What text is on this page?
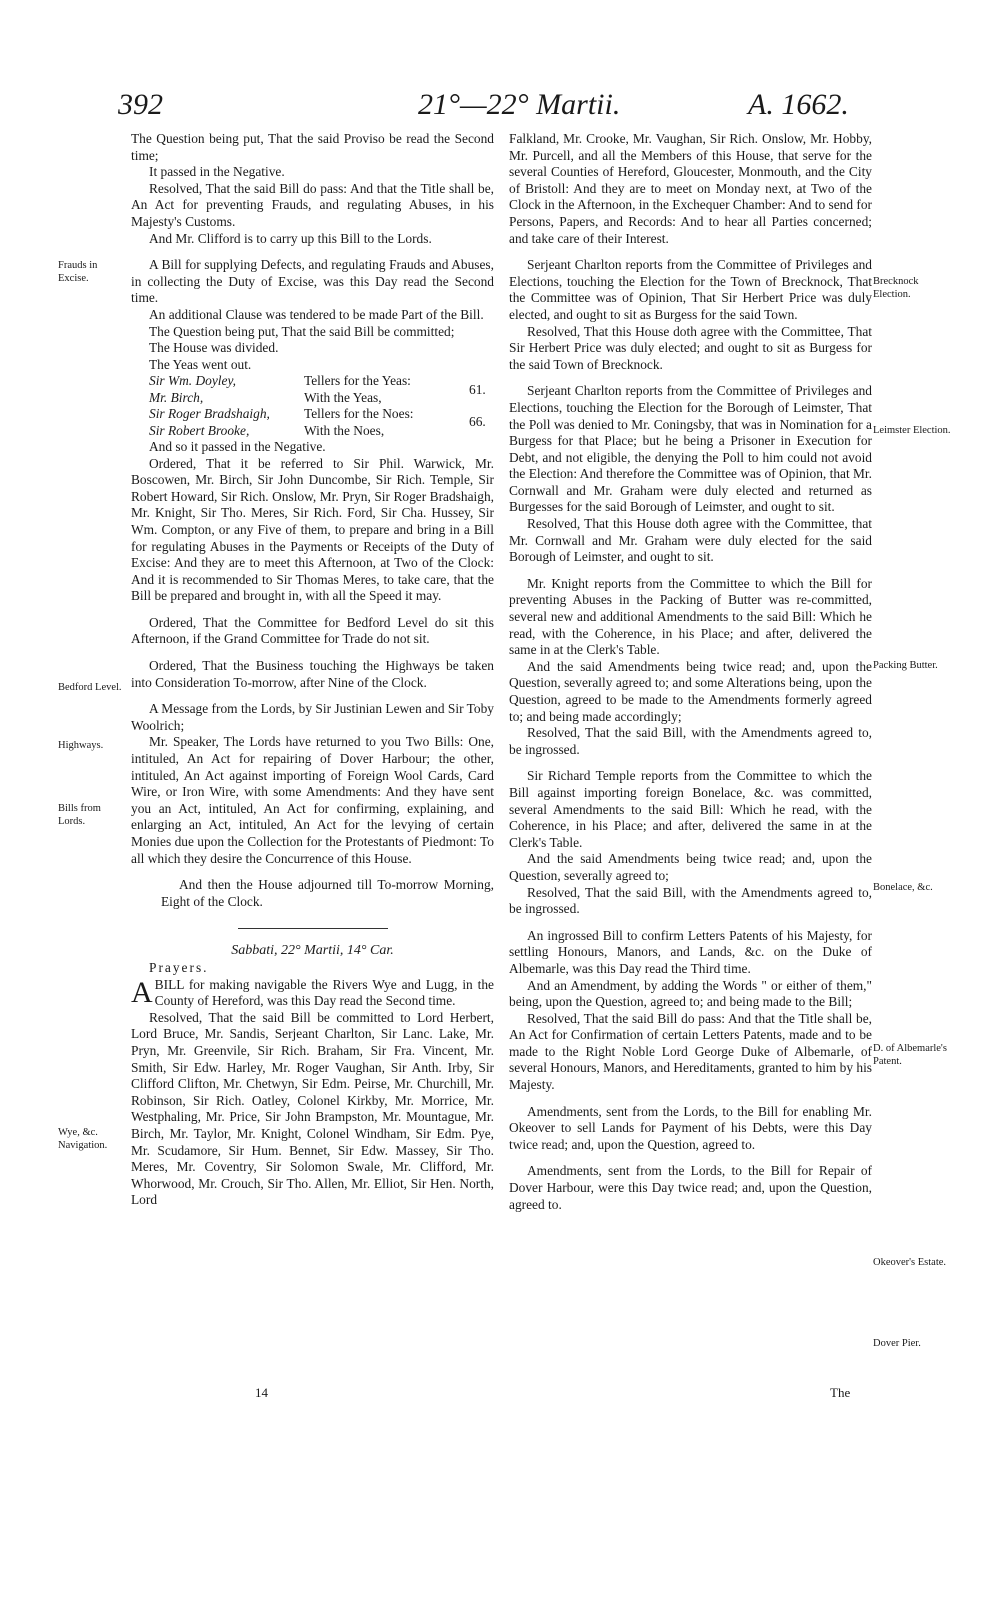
392	21°—22° Martii.	A. 1662.
Frauds in Excise.
Bedford Level.
Highways.
Bills from Lords.
Wye, &c. Navigation.
Brecknock Election.
Leimster Election.
Packing Butter.
Bonelace, &c.
D. of Albemarle's Patent.
Okeover's Estate.
Dover Pier.

The Question being put, That the said Proviso be read the Second time;

It passed in the Negative.

Resolved, That the said Bill do pass: And that the Title shall be, An Act for preventing Frauds, and regulating Abuses, in his Majesty's Customs.

And Mr. Clifford is to carry up this Bill to the Lords.

A Bill for supplying Defects, and regulating Frauds and Abuses, in collecting the Duty of Excise, was this Day read the Second time.

An additional Clause was tendered to be made Part of the Bill.

The Question being put, That the said Bill be committed;

The House was divided.

The Yeas went out.

Sir Wm. Doyley,	Tellers for the Yeas:	61.
Mr. Birch,	With the Yeas,	
Sir Roger Bradshaigh,	Tellers for the Noes:	66.
Sir Robert Brooke,	With the Noes,	

And so it passed in the Negative.

Ordered, That it be referred to Sir Phil. Warwick, Mr. Boscowen, Mr. Birch, Sir John Duncombe, Sir Rich. Temple, Sir Robert Howard, Sir Rich. Onslow, Mr. Pryn, Sir Roger Bradshaigh, Mr. Knight, Sir Tho. Meres, Sir Rich. Ford, Sir Cha. Hussey, Sir Wm. Compton, or any Five of them, to prepare and bring in a Bill for regulating Abuses in the Payments or Receipts of the Duty of Excise: And they are to meet this Afternoon, at Two of the Clock: And it is recommended to Sir Thomas Meres, to take care, that the Bill be prepared and brought in, with all the Speed it may.

Ordered, That the Committee for Bedford Level do sit this Afternoon, if the Grand Committee for Trade do not sit.

Ordered, That the Business touching the Highways be taken into Consideration To-morrow, after Nine of the Clock.

A Message from the Lords, by Sir Justinian Lewen and Sir Toby Woolrich;

Mr. Speaker, The Lords have returned to you Two Bills: One, intituled, An Act for repairing of Dover Harbour; the other, intituled, An Act against importing of Foreign Wool Cards, Card Wire, or Iron Wire, with some Amendments: And they have sent you an Act, intituled, An Act for confirming, explaining, and enlarging an Act, intituled, An Act for the levying of certain Monies due upon the Collection for the Protestants of Piedmont: To all which they desire the Concurrence of this House.

And then the House adjourned till To-morrow Morning, Eight of the Clock.

Sabbati, 22° Martii, 14° Car.

Prayers.

ABILL for making navigable the Rivers Wye and Lugg, in the County of Hereford, was this Day read the Second time.

Resolved, That the said Bill be committed to Lord Herbert, Lord Bruce, Mr. Sandis, Serjeant Charlton, Sir Lanc. Lake, Mr. Pryn, Mr. Greenvile, Sir Rich. Braham, Sir Fra. Vincent, Mr. Smith, Sir Edw. Harley, Mr. Roger Vaughan, Sir Anth. Irby, Sir Clifford Clifton, Mr. Chetwyn, Sir Edm. Peirse, Mr. Churchill, Mr. Robinson, Sir Rich. Oatley, Colonel Kirkby, Mr. Morrice, Mr. Westphaling, Mr. Price, Sir John Brampston, Mr. Mountague, Mr. Birch, Mr. Taylor, Mr. Knight, Colonel Windham, Sir Edm. Pye, Mr. Scudamore, Sir Hum. Bennet, Sir Edw. Massey, Sir Tho. Meres, Mr. Coventry, Sir Solomon Swale, Mr. Clifford, Mr. Whorwood, Mr. Crouch, Sir Tho. Allen, Mr. Elliot, Sir Hen. North, Lord

Falkland, Mr. Crooke, Mr. Vaughan, Sir Rich. Onslow, Mr. Hobby, Mr. Purcell, and all the Members of this House, that serve for the several Counties of Hereford, Gloucester, Monmouth, and the City of Bristoll: And they are to meet on Monday next, at Two of the Clock in the Afternoon, in the Exchequer Chamber: And to send for Persons, Papers, and Records: And to hear all Parties concerned; and take care of their Interest.

Serjeant Charlton reports from the Committee of Privileges and Elections, touching the Election for the Town of Brecknock, That the Committee was of Opinion, That Sir Herbert Price was duly elected, and ought to sit as Burgess for the said Town.

Resolved, That this House doth agree with the Committee, That Sir Herbert Price was duly elected; and ought to sit as Burgess for the said Town of Brecknock.

Serjeant Charlton reports from the Committee of Privileges and Elections, touching the Election for the Borough of Leimster, That the Poll was denied to Mr. Coningsby, that was in Nomination for a Burgess for that Place; but he being a Prisoner in Execution for Debt, and not eligible, the denying the Poll to him could not avoid the Election: And therefore the Committee was of Opinion, that Mr. Cornwall and Mr. Graham were duly elected and returned as Burgesses for the said Borough of Leimster, and ought to sit.

Resolved, That this House doth agree with the Committee, that Mr. Cornwall and Mr. Graham were duly elected for the said Borough of Leimster, and ought to sit.

Mr. Knight reports from the Committee to which the Bill for preventing Abuses in the Packing of Butter was re-committed, several new and additional Amendments to the said Bill: Which he read, with the Coherence, in his Place; and after, delivered the same in at the Clerk's Table.

And the said Amendments being twice read; and, upon the Question, severally agreed to; and some Alterations being, upon the Question, agreed to be made to the Amendments formerly agreed to; and being made accordingly;

Resolved, That the said Bill, with the Amendments agreed to, be ingrossed.

Sir Richard Temple reports from the Committee to which the Bill against importing foreign Bonelace, &c. was committed, several Amendments to the said Bill: Which he read, with the Coherence, in his Place; and after, delivered the same in at the Clerk's Table.

And the said Amendments being twice read; and, upon the Question, severally agreed to;

Resolved, That the said Bill, with the Amendments agreed to, be ingrossed.

An ingrossed Bill to confirm Letters Patents of his Majesty, for settling Honours, Manors, and Lands, &c. on the Duke of Albemarle, was this Day read the Third time.

And an Amendment, by adding the Words " or either of them," being, upon the Question, agreed to; and being made to the Bill;

Resolved, That the said Bill do pass: And that the Title shall be, An Act for Confirmation of certain Letters Patents, made and to be made to the Right Noble Lord George Duke of Albemarle, of several Honours, Manors, and Hereditaments, granted to him by his Majesty.

Amendments, sent from the Lords, to the Bill for enabling Mr. Okeover to sell Lands for Payment of his Debts, were this Day twice read; and, upon the Question, agreed to.

Amendments, sent from the Lords, to the Bill for Repair of Dover Harbour, were this Day twice read; and, upon the Question, agreed to.

14	The
